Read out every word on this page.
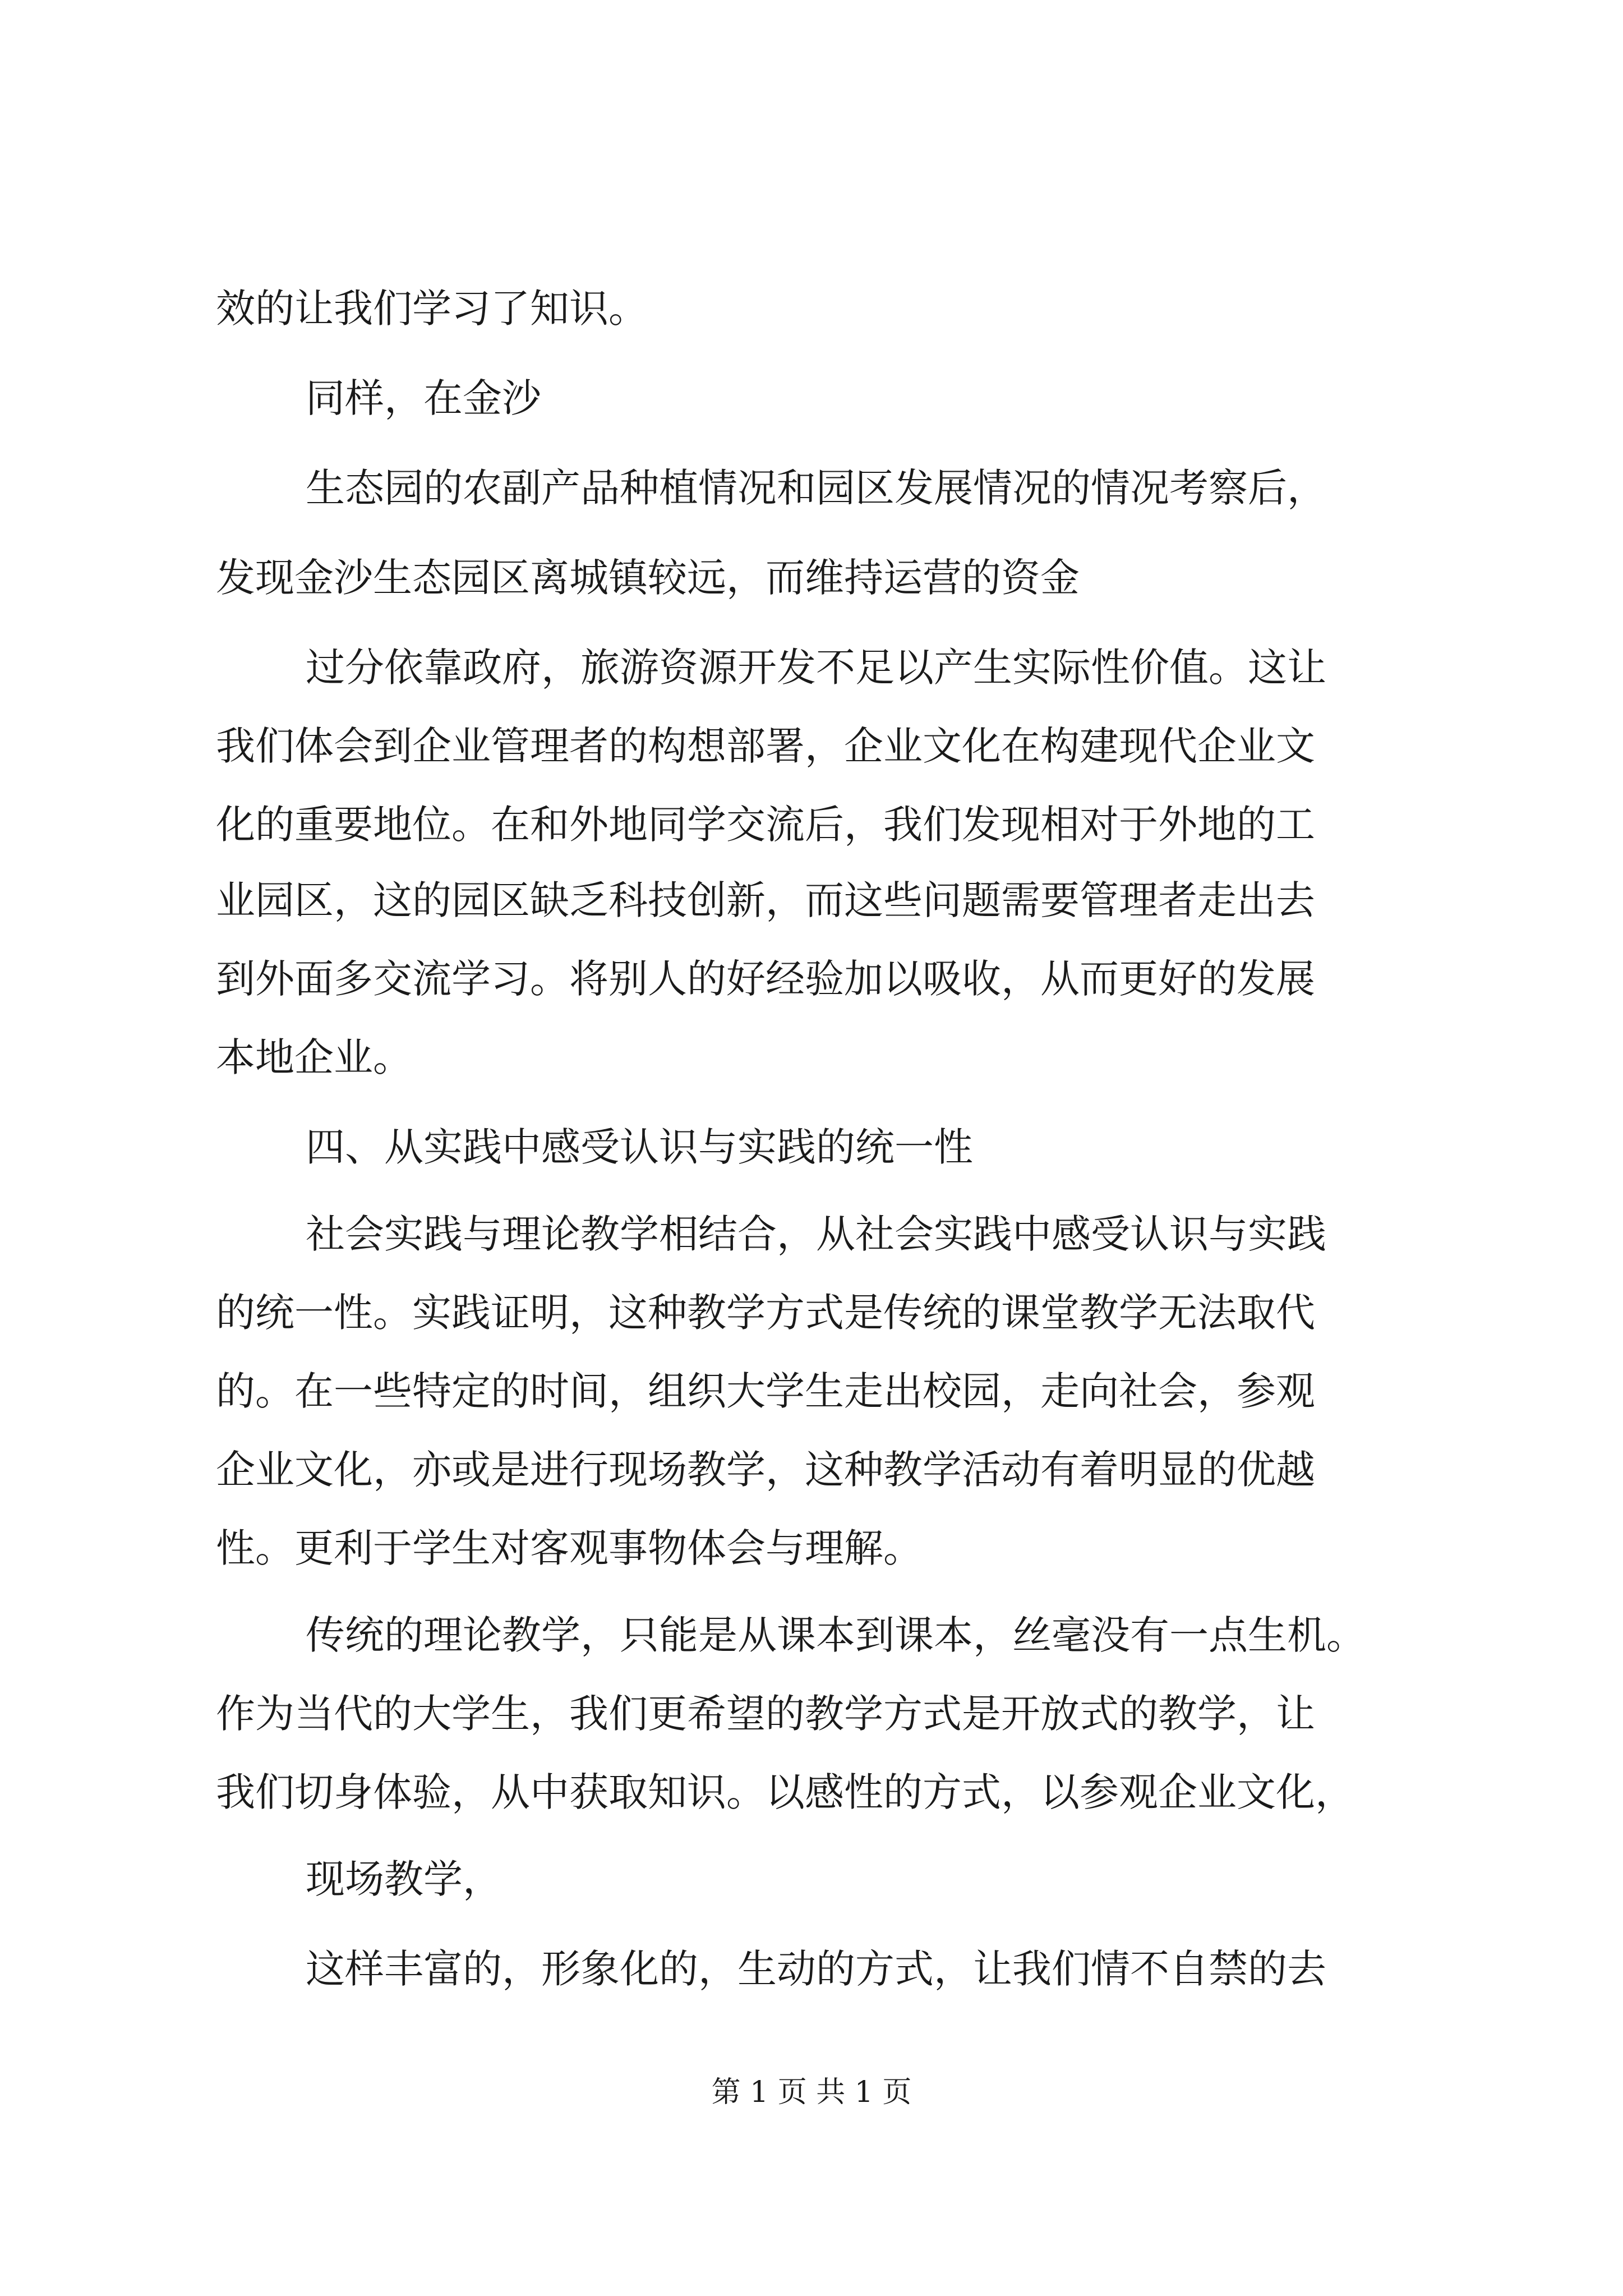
效的让我们学习了知识。
同样，在金沙
生态园的农副产品种植情况和园区发展情况的情况考察后，
发现金沙生态园区离城镇较远，而维持运营的资金
过分依靠政府，旅游资源开发不足以产生实际性价值。这让
我们体会到企业管理者的构想部署，企业文化在构建现代企业文
化的重要地位。在和外地同学交流后，我们发现相对于外地的工
业园区，这的园区缺乏科技创新，而这些问题需要管理者走出去
到外面多交流学习。将别人的好经验加以吸收，从而更好的发展
本地企业。
四、从实践中感受认识与实践的统一性
社会实践与理论教学相结合，从社会实践中感受认识与实践
的统一性。实践证明，这种教学方式是传统的课堂教学无法取代
的。在一些特定的时间，组织大学生走出校园，走向社会，参观
企业文化，亦或是进行现场教学，这种教学活动有着明显的优越
性。更利于学生对客观事物体会与理解。
传统的理论教学，只能是从课本到课本，丝毫没有一点生机。
作为当代的大学生，我们更希望的教学方式是开放式的教学，让
我们切身体验，从中获取知识。以感性的方式，以参观企业文化，
现场教学，
这样丰富的，形象化的，生动的方式，让我们情不自禁的去
第 1 页 共 1 页
